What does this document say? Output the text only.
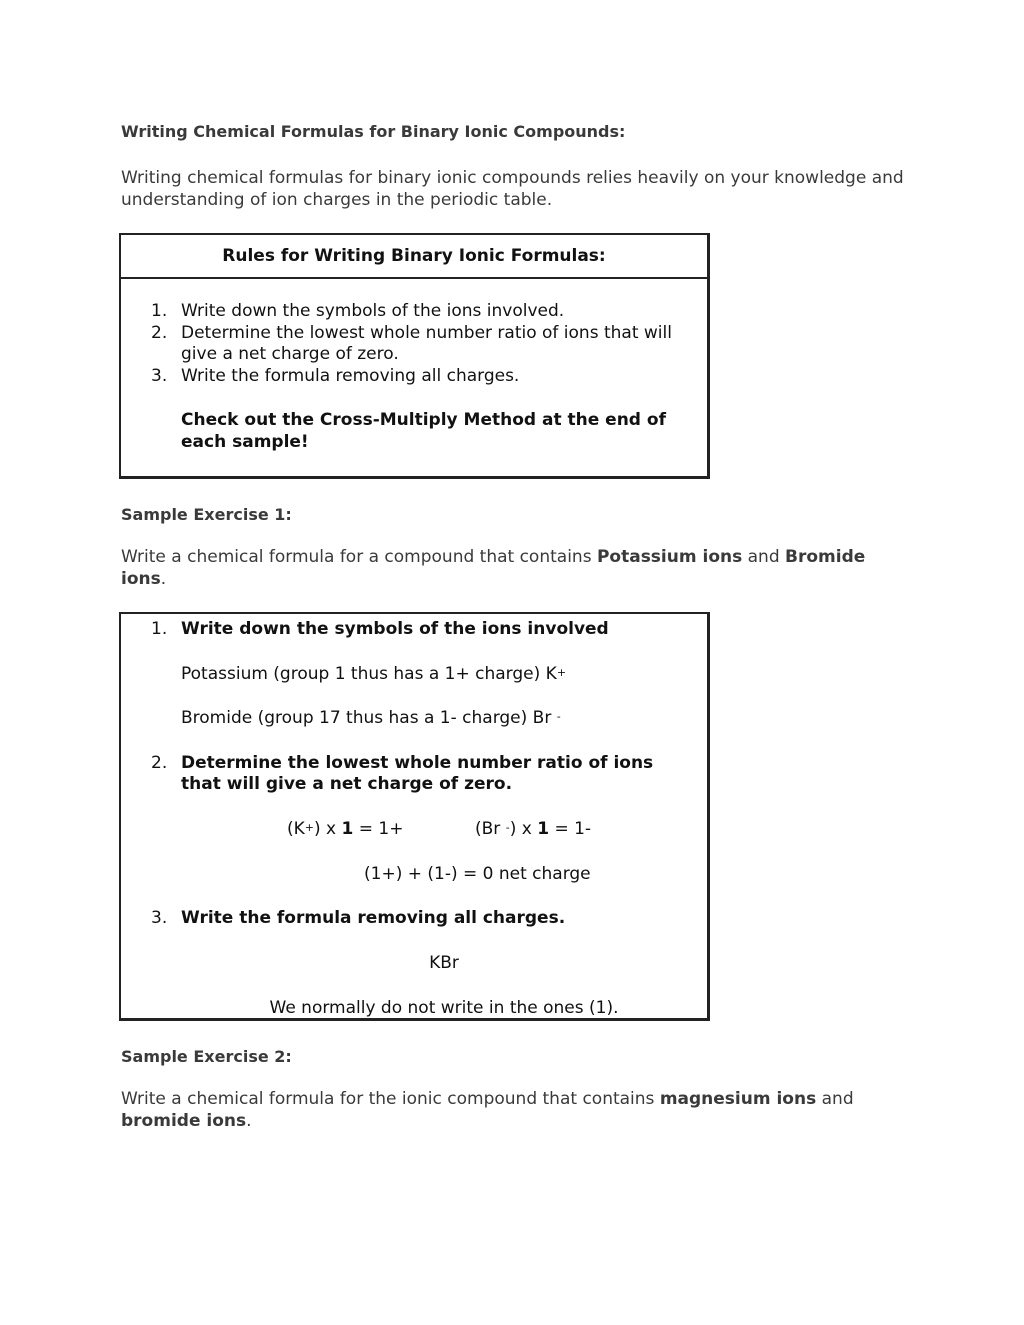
Writing Chemical Formulas for Binary Ionic Compounds:
Writing chemical formulas for binary ionic compounds relies heavily on your knowledge and understanding of ion charges in the periodic table.
Rules for Writing Binary Ionic Formulas:
1. Write down the symbols of the ions involved.
2. Determine the lowest whole number ratio of ions that will give a net charge of zero.
3. Write the formula removing all charges.
Check out the Cross-Multiply Method at the end of each sample!
Sample Exercise 1:
Write a chemical formula for a compound that contains Potassium ions and Bromide ions.
1. Write down the symbols of the ions involved
Potassium (group 1 thus has a 1+ charge) K+
Bromide (group 17 thus has a 1- charge) Br -
2. Determine the lowest whole number ratio of ions that will give a net charge of zero.
(K+) x 1 = 1+	(Br -) x 1 = 1-
(1+) + (1-) = 0 net charge
3. Write the formula removing all charges.
KBr
We normally do not write in the ones (1).
Sample Exercise 2:
Write a chemical formula for the ionic compound that contains magnesium ions and bromide ions.
